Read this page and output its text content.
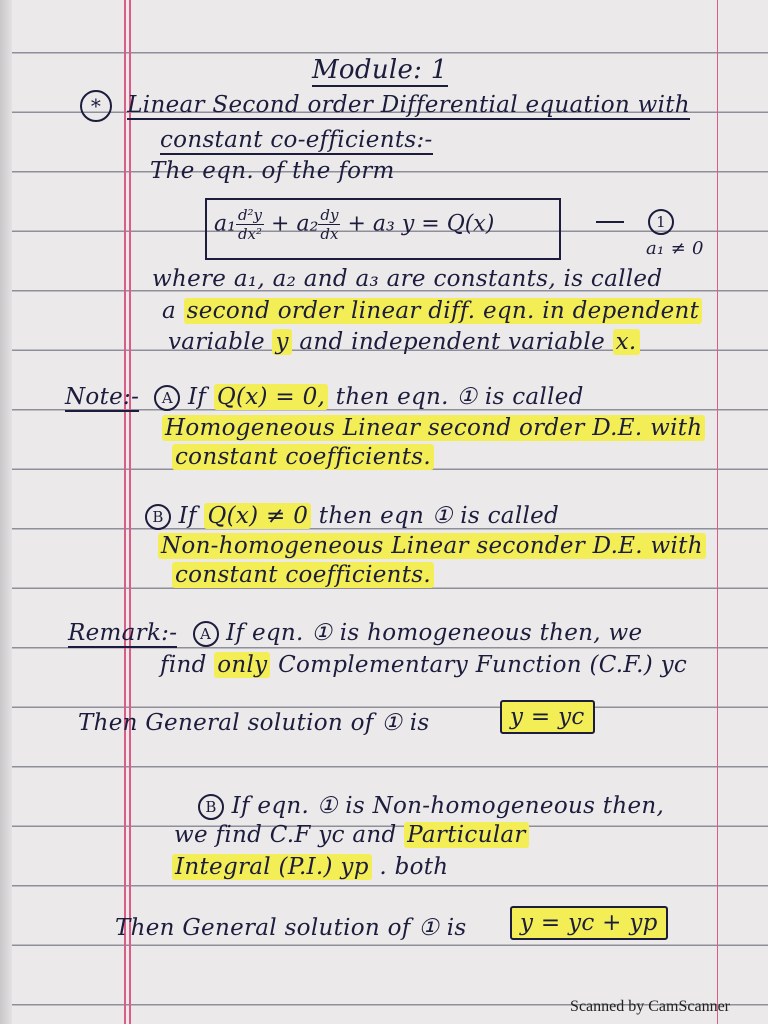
Module: 1
* Linear Second order Differential equation with
constant co-efficients:-
The eqn. of the form
$a_1 \frac{\text{d²y}}{\text{dx²}} + a_2 \frac{dy}{dx} + a_3$ y = Q(x)	1
a₁ ≠ 0
where a₁, a₂ and a₃ are constants, is called
a second order linear diff. eqn. in dependent
variable y and independent variable x.
Note:- A If Q(x) = 0, then eqn. ① is called
Homogeneous Linear second order D.E. with
constant coefficients.
B If Q(x) ≠ 0 then eqn ① is called
Non-homogeneous Linear seconder D.E. with
constant coefficients.
Remark:- A If eqn. ① is homogeneous then, we
find only Complementary Function (C.F.) yc
Then General solution of ① is	y = yc
B If eqn. ① is Non-homogeneous then,
we find C.F yc and Particular
Integral (P.I.) yp . both
Then General solution of ① is	y = yc + yp
Scanned by CamScanner
